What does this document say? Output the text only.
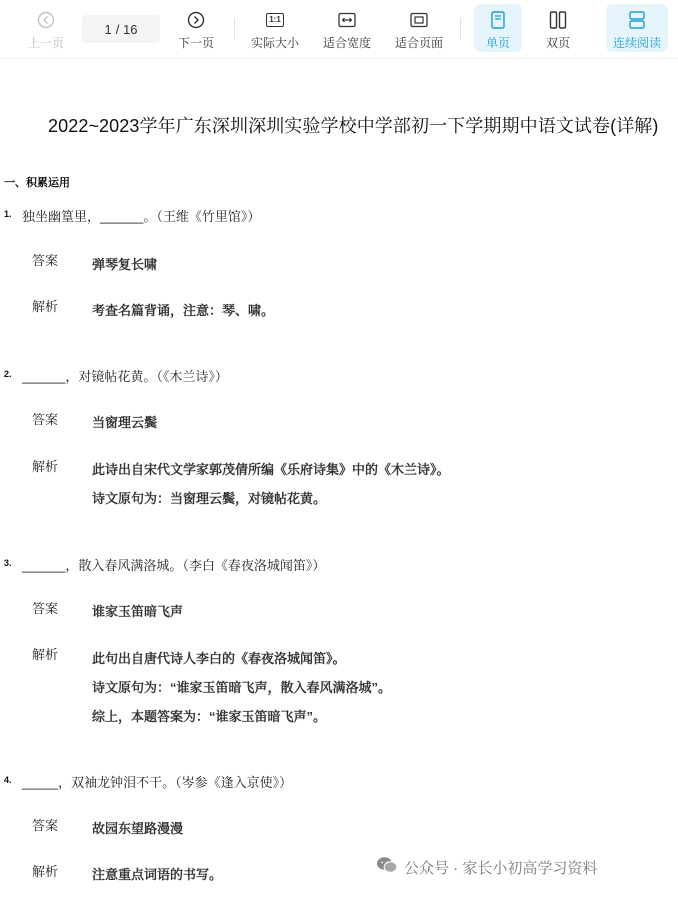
上一页
1 / 16
下一页
1:1
实际大小 适合宽度 适合页面	单页	双页	连续阅读
2022~2023学年广东深圳深圳实验学校中学部初一下学期期中语文试卷(详解)
一、积累运用
1. 独坐幽篁里，______。（王维《竹里馆》）
答案	弹琴复长啸
解析	考查名篇背诵，注意：琴、啸。
2. ______，对镜帖花黄。（《木兰诗》）
答案	当窗理云鬓
解析	此诗出自宋代文学家郭茂倩所编《乐府诗集》中的《木兰诗》。
诗文原句为：当窗理云鬓，对镜帖花黄。
3. ______，散入春风满洛城。（李白《春夜洛城闻笛》）
答案	谁家玉笛暗飞声
解析	此句出自唐代诗人李白的《春夜洛城闻笛》。
诗文原句为：“谁家玉笛暗飞声，散入春风满洛城”。
综上，本题答案为：“谁家玉笛暗飞声”。
4. _____，双袖龙钟泪不干。（岑参《逢入京使》）
答案	故园东望路漫漫
解析	注意重点词语的书写。	公众号 · 家长小初高学习资料
